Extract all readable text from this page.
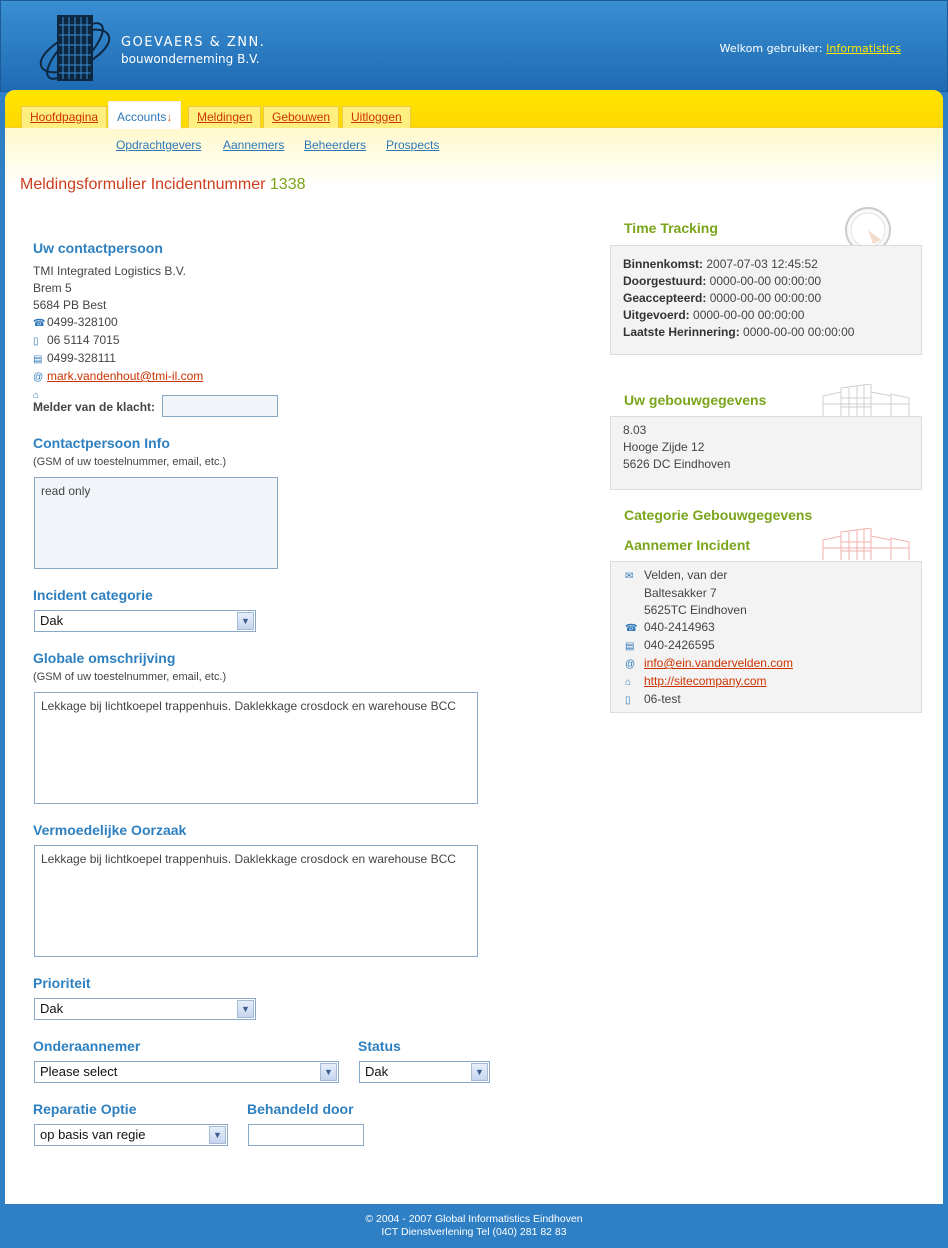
GOEVAERS & ZNN.
bouwonderneming B.V.
Welkom gebruiker: Informatistics
Hoofdpagina	Accounts↓	Meldingen	Gebouwen	Uitloggen
Opdrachtgevers Aannemers Beheerders Prospects
Meldingsformulier Incidentnummer 1338
Uw contactpersoon
TMI Integrated Logistics B.V.
Brem 5
5684 PB Best
☎ 0499-328100
▯ 06 5114 7015
▤ 0499-328111
@ mark.vandenhout@tmi-il.com
⌂
Melder van de klacht:
Contactpersoon Info
(GSM of uw toestelnummer, email, etc.)
read only
Incident categorie
Dak	▼
Globale omschrijving
(GSM of uw toestelnummer, email, etc.)
Lekkage bij lichtkoepel trappenhuis. Daklekkage crosdock en warehouse BCC
Vermoedelijke Oorzaak
Lekkage bij lichtkoepel trappenhuis. Daklekkage crosdock en warehouse BCC
Prioriteit
Dak	▼
Onderaannemer
Please select	▼
Status
Dak	▼
Reparatie Optie
op basis van regie	▼
Behandeld door
Time Tracking
Binnenkomst: 2007-07-03 12:45:52
Doorgestuurd: 0000-00-00 00:00:00
Geaccepteerd: 0000-00-00 00:00:00
Uitgevoerd: 0000-00-00 00:00:00
Laatste Herinnering: 0000-00-00 00:00:00
Uw gebouwgegevens
8.03
Hooge Zijde 12
5626 DC Eindhoven
Categorie Gebouwgegevens
Aannemer Incident
✉ Velden, van der
Baltesakker 7
5625TC Eindhoven
☎ 040-2414963
▤ 040-2426595
@ info@ein.vandervelden.com
⌂ http://sitecompany.com
▯ 06-test
© 2004 - 2007 Global Informatistics Eindhoven
ICT Dienstverlening Tel (040) 281 82 83
